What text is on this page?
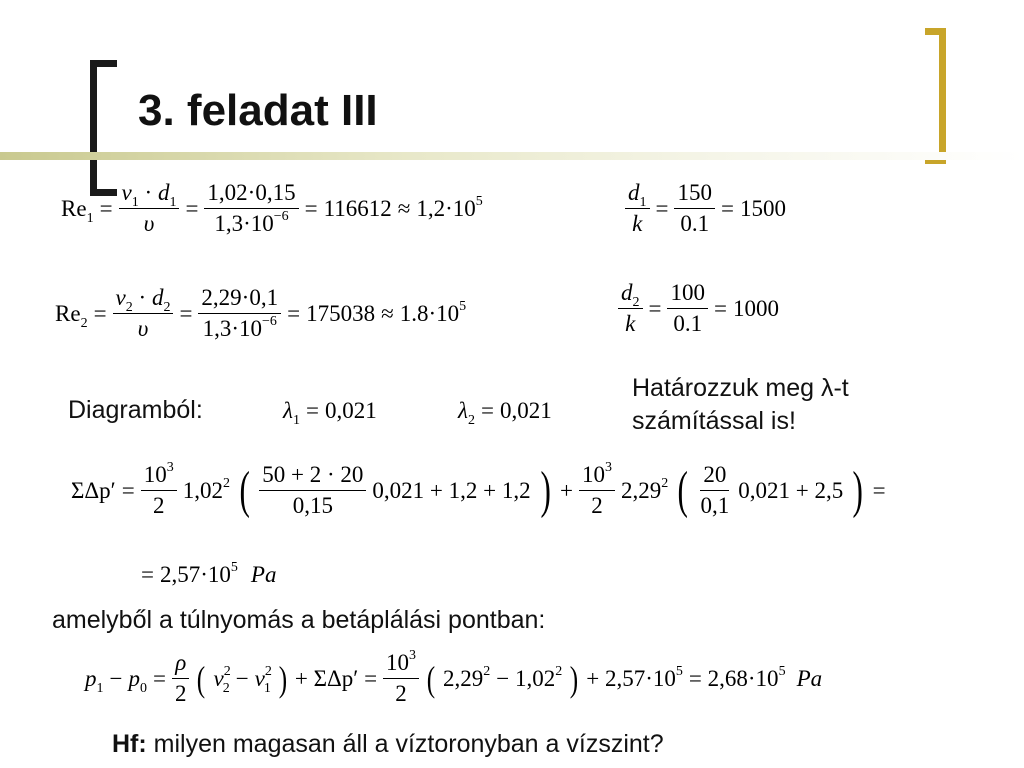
3. feladat III
$Re_1 = \frac{v_1 \cdot d_1}{\upsilon} = \frac{1,02\cdot 0,15}{1,3\cdot 10^{-6}} = 116612 \approx 1,2\cdot 10^5$	$\frac{d_1}{k} = \frac{150}{0.1} = 1500$
$Re_2 = \frac{v_2 \cdot d_2}{\upsilon} = \frac{2,29\cdot 0,1}{1,3\cdot 10^{-6}} = 175038 \approx 1.8\cdot 10^5$	$\frac{d_2}{k} = \frac{100}{0.1} = 1000$
Diagramból:	$\lambda_1 = 0,021$	$\lambda_2 = 0,021$
Határozzuk meg λ-t számítással is!
$\Sigma\Delta p' = \frac{10^3}{2} 1,02^2$ ( $\frac{50 + 2 \cdot 20}{0,15} 0,021 + 1,2 + 1,2$ ) + $\frac{10^3}{2} 2,29^2$ ( $\frac{20}{0,1} 0,021 + 2,5$ ) =
= $2,57\cdot 10^5$ Pa
amelyből a túlnyomás a betáplálási pontban:
$p_1 - p_0 = \frac{\rho}{2}$ ( $v^2_2 - v^2_1$ ) + $\Sigma\Delta p' = \frac{10^3}{2}$ ( $2,29^2 - 1,02^2$ ) + $2,57\cdot 10^5 = 2,68\cdot 10^5$ Pa
Hf: milyen magasan áll a víztoronyban a vízszint?
